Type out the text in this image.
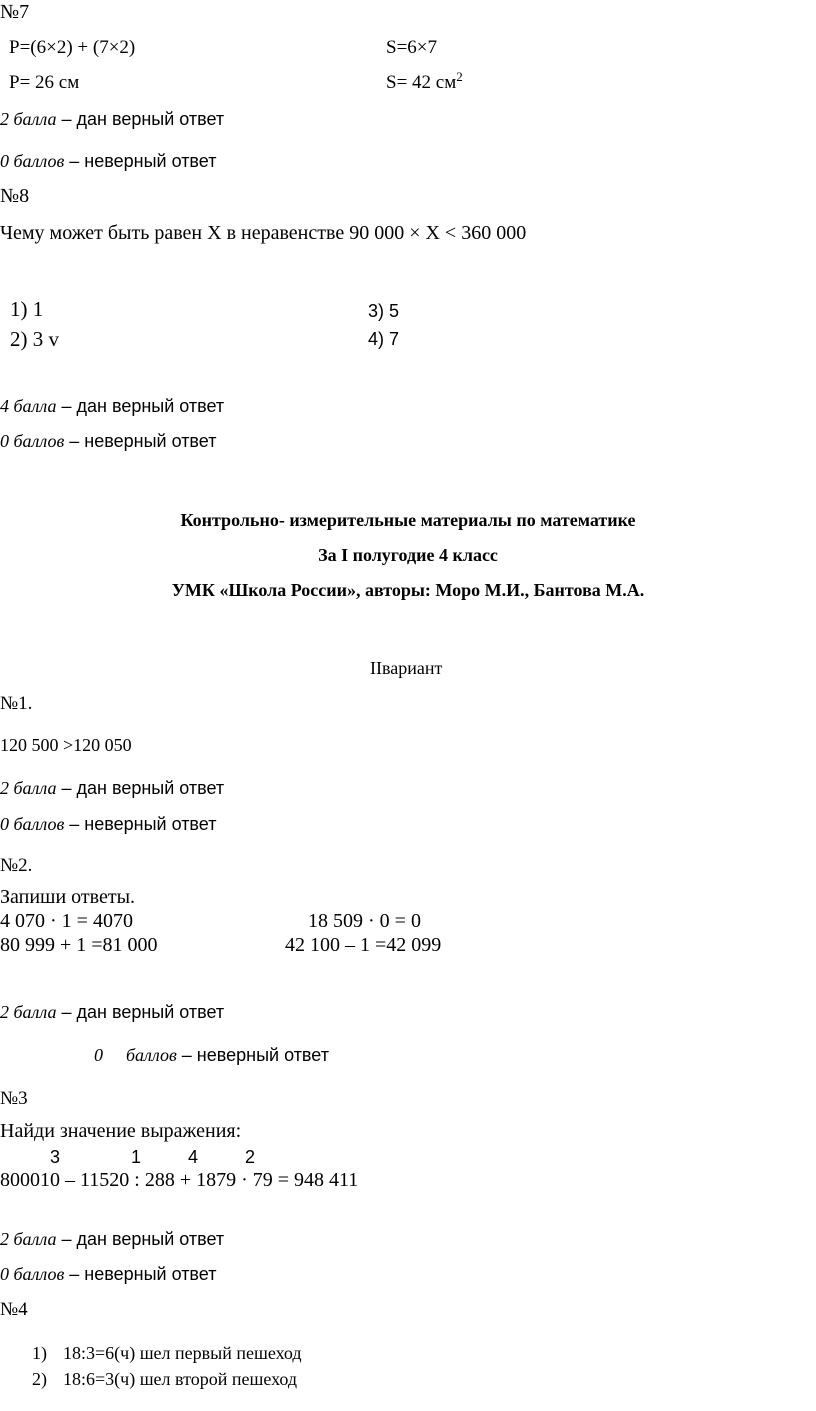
№7
P=(6×2) + (7×2)	S=6×7
P= 26 см	S= 42 $см^2$
2 балла – дан верный ответ
0 баллов – неверный ответ
№8
Чему может быть равен Х в неравенстве 90 000 × Х < 360 000
1) 1
2) 3 v
3) 5
4) 7
4 балла – дан верный ответ
0 баллов – неверный ответ
Контрольно- измерительные материалы по математике
За I полугодие 4 класс
УМК «Школа России», авторы: Моро М.И., Бантова М.А.
IIвариант
№1.
120 500 >120 050
2 балла – дан верный ответ
0 баллов – неверный ответ
№2.
Запиши ответы.
4 070 · 1 = 4070	18 509 · 0 = 0
80 999 + 1 =81 000	42 100 – 1 =42 099
2 балла – дан верный ответ
0 баллов – неверный ответ
№3
Найди значение выражения:
3	1	4	2
800010 – 11520 : 288 + 1879 · 79 = 948 411
2 балла – дан верный ответ
0 баллов – неверный ответ
№4
1) 18:3=6(ч) шел первый пешеход
2) 18:6=3(ч) шел второй пешеход
